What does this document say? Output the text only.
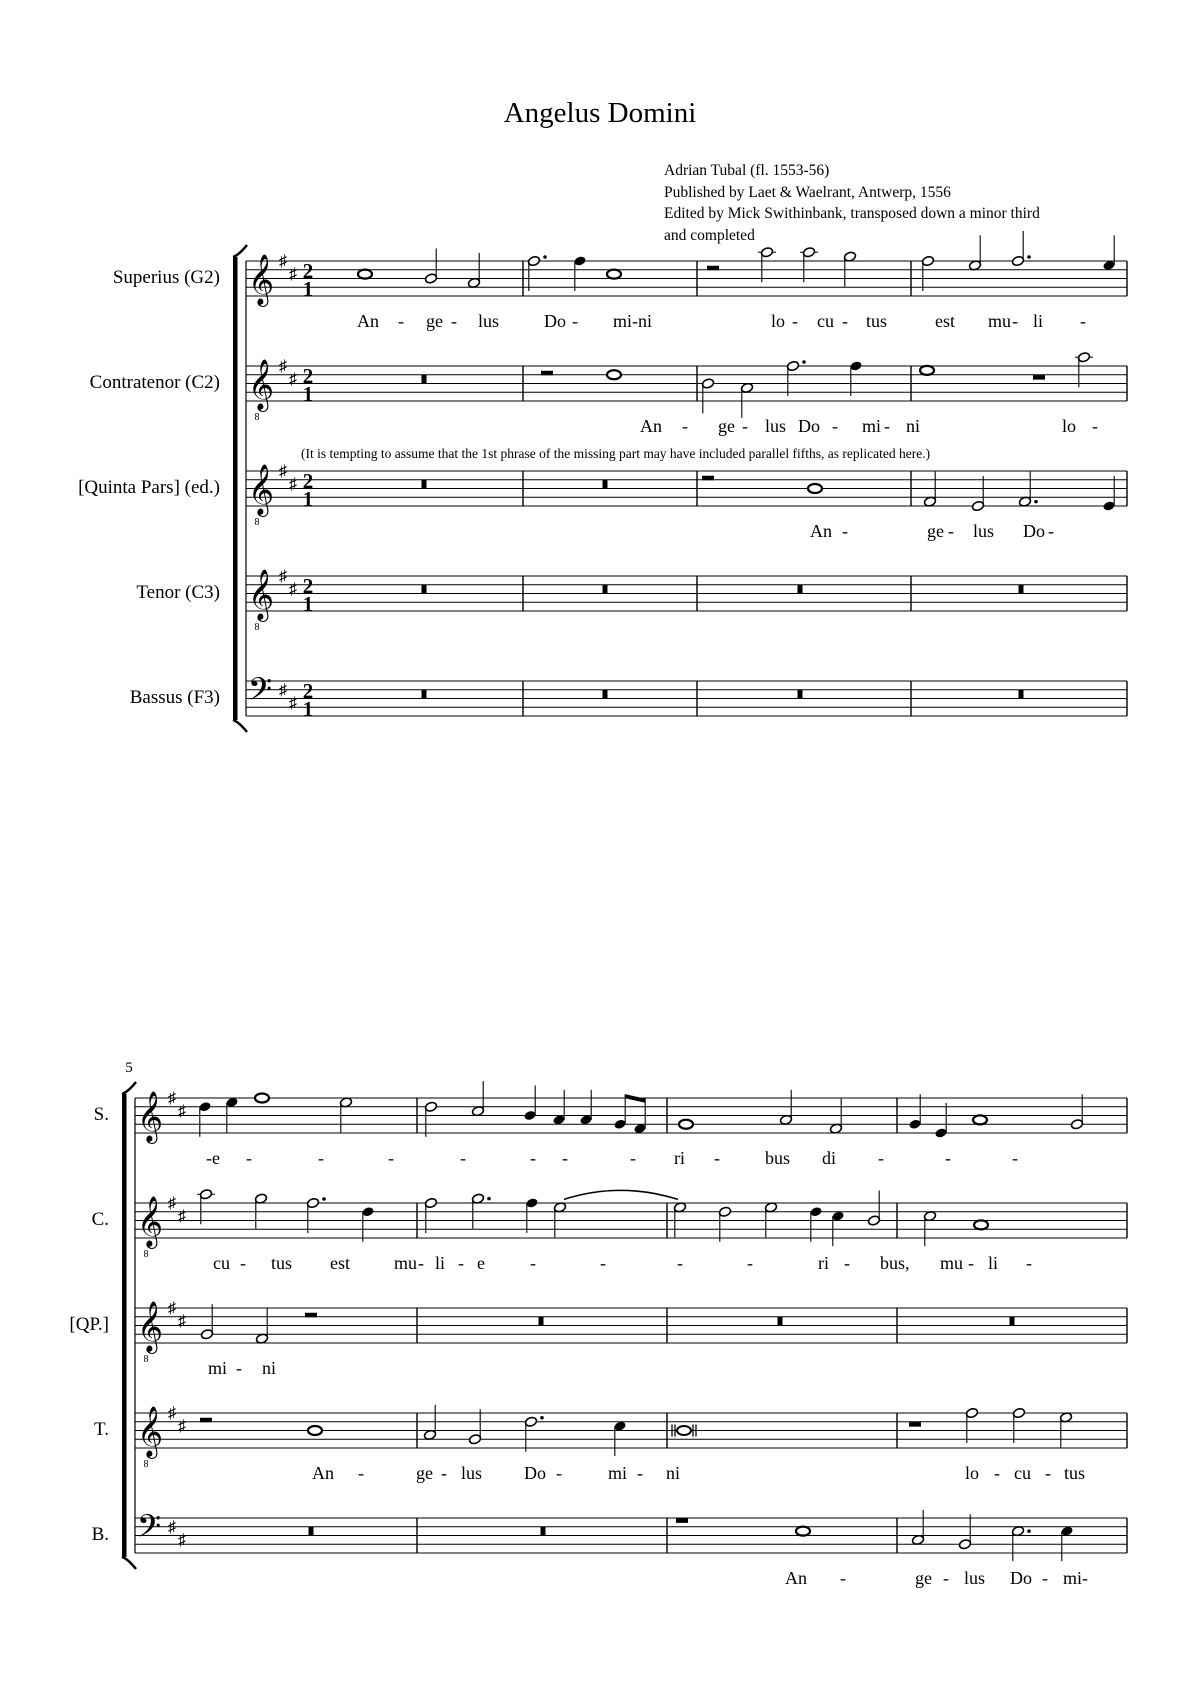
Angelus Domini
Adrian Tubal (fl. 1553-56)
Published by Laet & Waelrant, Antwerp, 1556
Edited by Mick Swithinbank, transposed down a minor third
and completed
Superius (G2) 𝄞 ♯
♯ 2
1
An - ge - lus Do - mi-ni	lo - cu - tus	est mu - li -
Contratenor (C2) 𝄞
8
♯
♯ 2
1
An - ge - lus Do - mi - ni	lo -
(It is tempting to assume that the 1st phrase of the missing part may have included parallel fifths, as replicated here.)
[Quinta Pars] (ed.) 𝄞
8
♯
♯ 2
1
An -	ge - lus Do -
Tenor (C3) 𝄞
8
♯
♯ 2
1
Bassus (F3) 𝄢 ♯
♯
2
1
5
S. 𝄞 ♯
♯
-e -	-	-	-	- -	- ri -	bus di -	-	-
C. 𝄞
8
♯
♯
cu - tus est mu - li - e	-	-	-	-	ri - bus, mu - li -
[QP.] 𝄞
8
♯
♯
mi - ni
T. 𝄞
8
♯
♯
An -	ge - lus Do -	mi - ni	lo - cu - tus
B. 𝄢 ♯
♯
An -	ge - lus Do - mi-
